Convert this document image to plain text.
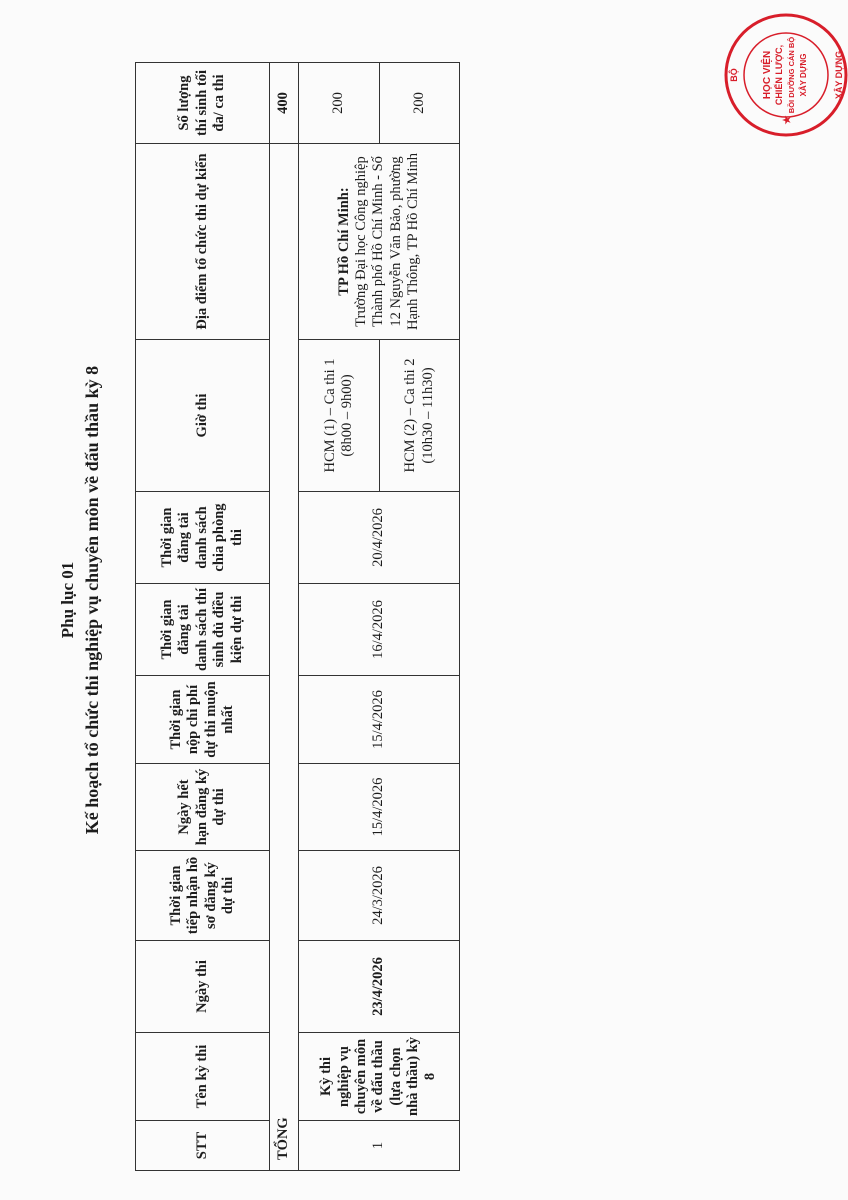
Phụ lục 01 Kế hoạch tổ chức thi nghiệp vụ chuyên môn về đấu thầu kỳ 8
STT	Tên kỳ thi	Ngày thi	Thời gian tiếp nhận hồ sơ đăng ký dự thi	Ngày hết hạn đăng ký dự thi	Thời gian nộp chi phí dự thi muộn nhất	Thời gian đăng tải danh sách thí sinh đủ điều kiện dự thi	Thời gian đăng tải danh sách chia phòng thi	Giờ thi	Địa điểm tổ chức thi dự kiến	Số lượng thí sinh tối đa/ ca thi
TỔNG										400
1	Kỳ thi nghiệp vụ chuyên môn về đấu thầu (lựa chọn nhà thầu) kỳ 8	23/4/2026	24/3/2026	15/4/2026	15/4/2026	16/4/2026	20/4/2026	HCM (1) – Ca thi 1 (8h00 – 9h00)	TP Hồ Chí Minh:
Trường Đại học Công nghiệp Thành phố Hồ Chí Minh - Số 12 Nguyễn Văn Bảo, phường Hạnh Thông, TP Hồ Chí Minh	200
								HCM (2) – Ca thi 2 (10h30 – 11h30)		200
BỘ	XÂY DỰNG
HỌC VIỆN CHIẾN LƯỢC, BỒI DƯỠNG CÁN BỘ XÂY DỰNG
★
